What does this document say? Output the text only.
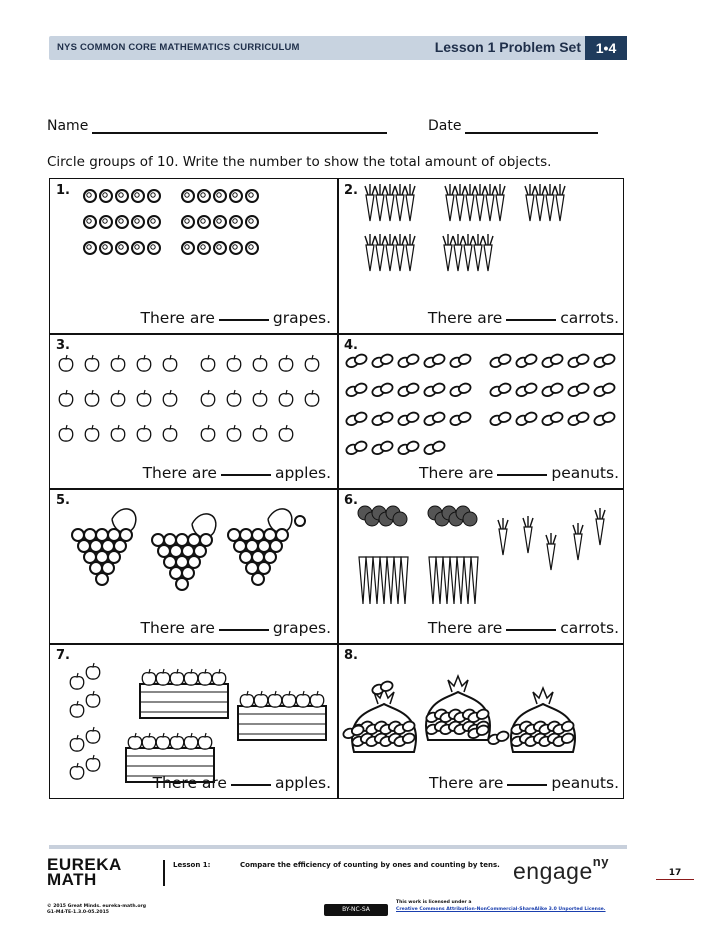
NYS COMMON CORE MATHEMATICS CURRICULUM	Lesson 1 Problem Set	1•4
Name	Date
Circle groups of 10. Write the number to show the total amount of objects.
1.
There are	grapes.
2.
There are	carrots.
3.
There are	apples.
4.
There are	peanuts.
5.
There are	grapes.
6.
There are	carrots.
7.
There are	apples.
8.
There are	peanuts.
EUREKA
MATH
Lesson 1:	Compare the efficiency of counting by ones and counting by tens. engage$^{ny}$
17
© 2015 Great Minds. eureka-math.org
G1-M4-TE-1.3.0-05.2015	BY-NC-SA
This work is licensed under a
Creative Commons Attribution-NonCommercial-ShareAlike 3.0 Unported License.
